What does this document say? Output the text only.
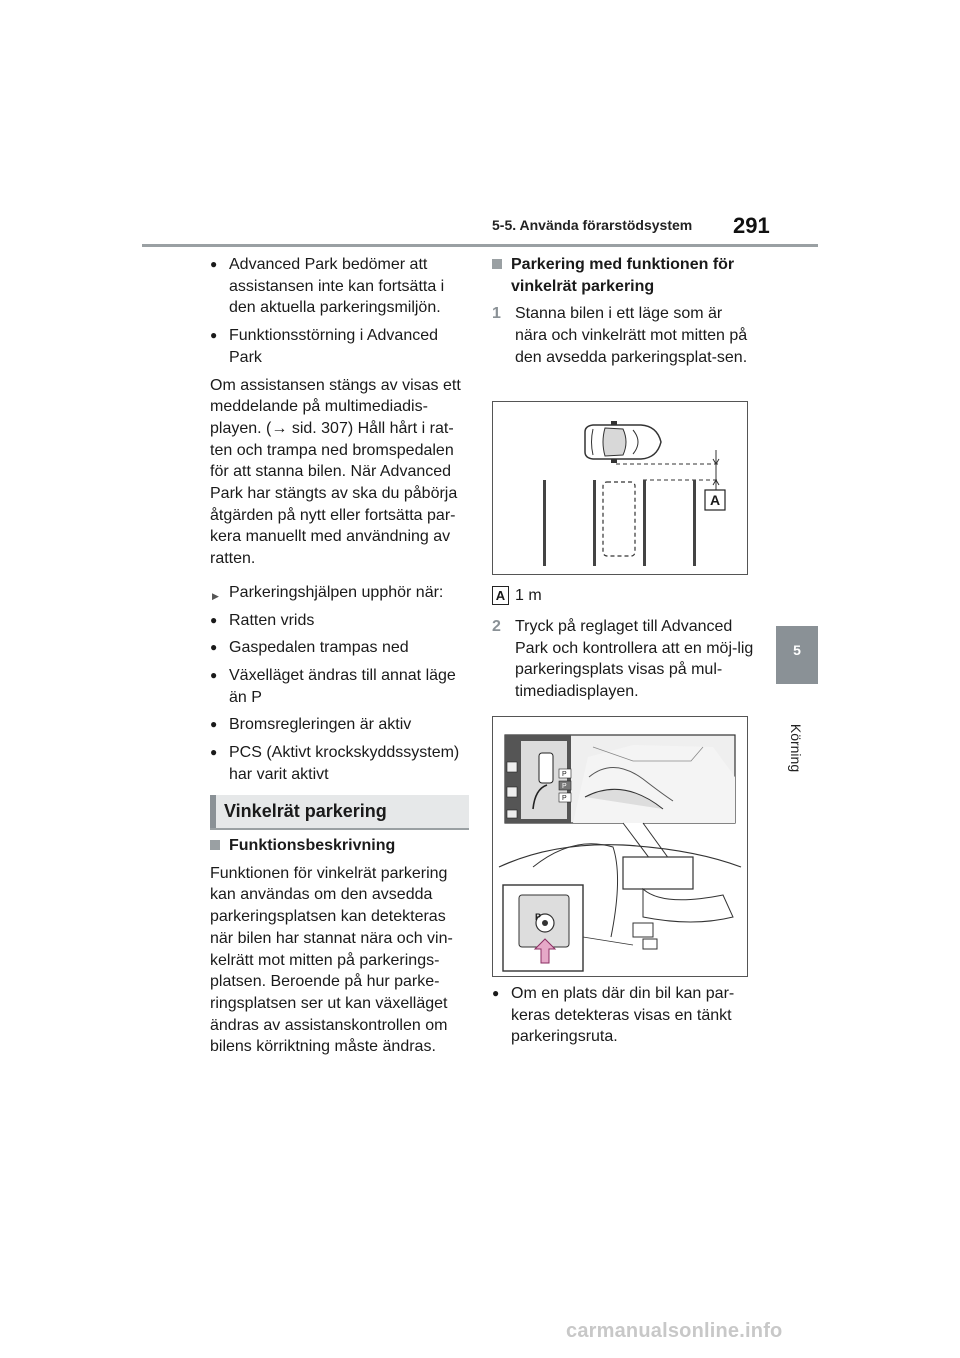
5-5. Använda förarstödsystem 291
5
Körning
● Advanced Park bedömer att assistansen inte kan fortsätta i den aktuella parkeringsmiljön.
● Funktionsstörning i Advanced Park
Om assistansen stängs av visas ett meddelande på multimediadis-playen. (→ sid. 307) Håll hårt i rat-ten och trampa ned bromspedalen för att stanna bilen. När Advanced Park har stängts av ska du påbörja åtgärden på nytt eller fortsätta par-kera manuellt med användning av ratten.
▶ Parkeringshjälpen upphör när:
● Ratten vrids
● Gaspedalen trampas ned
● Växelläget ändras till annat läge än P
● Bromsregleringen är aktiv
● PCS (Aktivt krockskyddssystem) har varit aktivt
Vinkelrät parkering
Funktionsbeskrivning
Funktionen för vinkelrät parkering kan användas om den avsedda parkeringsplatsen kan detekteras när bilen har stannat nära och vin-kelrätt mot mitten på parkerings-platsen. Beroende på hur parke-ringsplatsen ser ut kan växelläget ändras av assistanskontrollen om bilens körriktning måste ändras.
Parkering med funktionen för vinkelrät parkering
1 Stanna bilen i ett läge som är nära och vinkelrätt mot mitten på den avsedda parkeringsplat-sen.
A
A 1 m
2 Tryck på reglaget till Advanced Park och kontrollera att en möj-lig parkeringsplats visas på mul-timediadisplayen.
P
P
P
P
● Om en plats där din bil kan par-keras detekteras visas en tänkt parkeringsruta.
carmanualsonline.info
